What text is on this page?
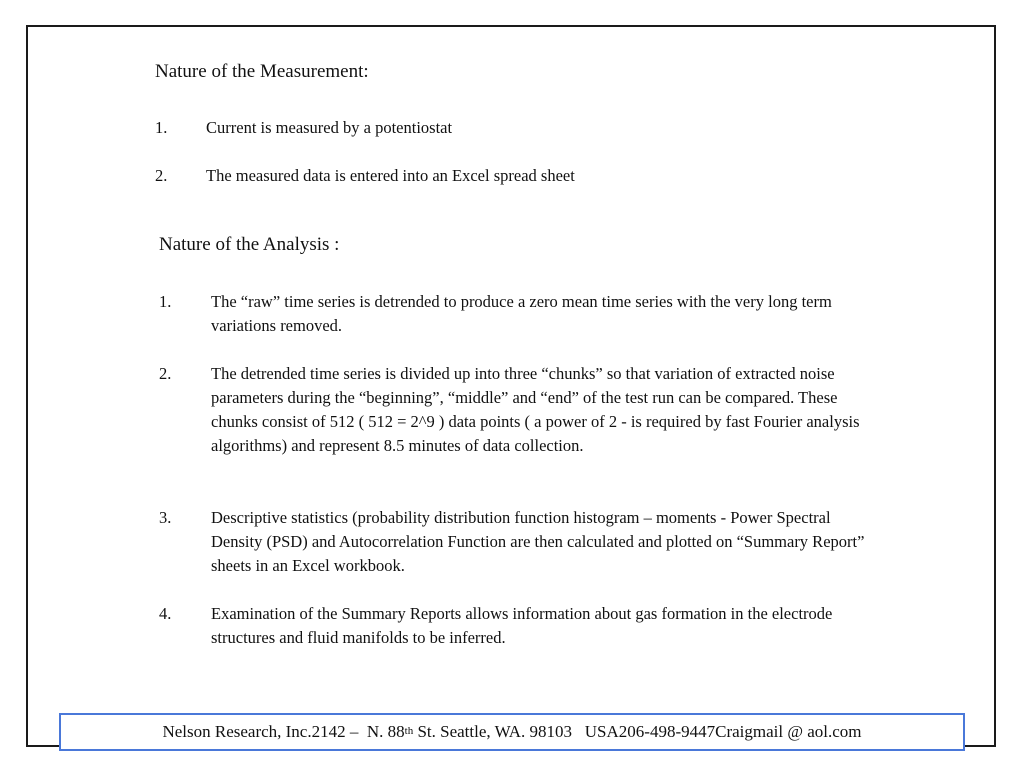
Nature of the Measurement:
1. Current is measured by a potentiostat
2. The measured data is entered into an Excel spread sheet
Nature of the Analysis :
1. The “raw” time series is detrended to produce a zero mean time series with the very long term variations removed.
2. The detrended time series is divided up into three “chunks” so that variation of extracted noise parameters during the “beginning”, “middle” and “end” of the test run can be compared. These chunks consist of 512 ( 512 = 2^9 ) data points ( a power of 2 - is required by fast Fourier analysis algorithms) and represent 8.5 minutes of data collection.
3. Descriptive statistics (probability distribution function histogram – moments - Power Spectral Density (PSD) and Autocorrelation Function are then calculated and plotted on “Summary Report” sheets in an Excel workbook.
4. Examination of the Summary Reports allows information about gas formation in the electrode structures and fluid manifolds to be inferred.
Nelson Research, Inc. 2142 –  N. 88th St. Seattle, WA. 98103   USA 206-498-9447 Craigmail @ aol.com
